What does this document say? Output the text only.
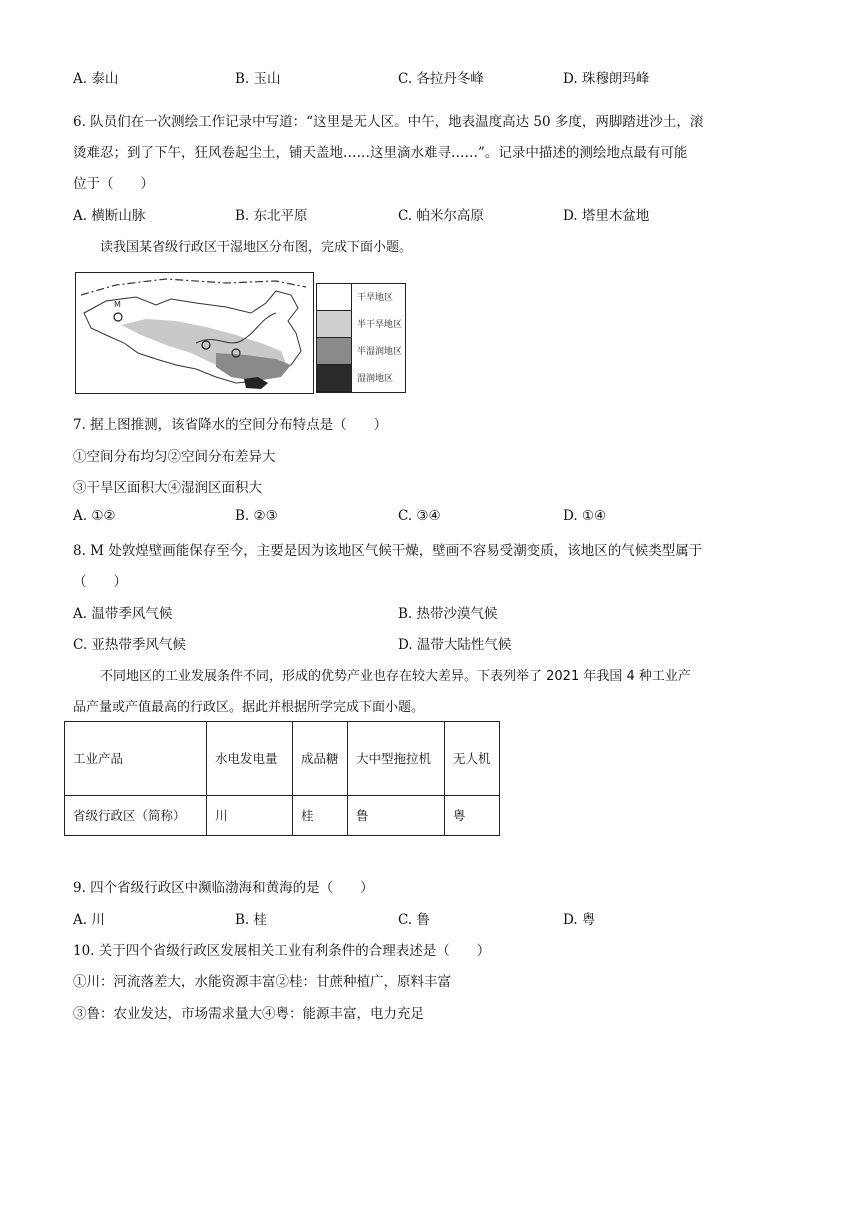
A. 泰山	B. 玉山	C. 各拉丹冬峰	D. 珠穆朗玛峰
6. 队员们在一次测绘工作记录中写道：“这里是无人区。中午，地表温度高达 50 多度，两脚踏进沙土，滚
烫难忍；到了下午，狂风卷起尘土，铺天盖地……这里滴水难寻……”。记录中描述的测绘地点最有可能
位于（　　）
A. 横断山脉	B. 东北平原	C. 帕米尔高原	D. 塔里木盆地
读我国某省级行政区干湿地区分布图，完成下面小题。
M
干旱地区
半干旱地区
半湿润地区
湿润地区
7. 据上图推测，该省降水的空间分布特点是（　　）
①空间分布均匀②空间分布差异大
③干旱区面积大④湿润区面积大
A. ①②	B. ②③	C. ③④	D. ①④
8. M 处敦煌壁画能保存至今，主要是因为该地区气候干燥，壁画不容易受潮变质，该地区的气候类型属于
（　　）
A. 温带季风气候	B. 热带沙漠气候
C. 亚热带季风气候	D. 温带大陆性气候
不同地区的工业发展条件不同，形成的优势产业也存在较大差异。下表列举了 2021 年我国 4 种工业产
品产量或产值最高的行政区。据此并根据所学完成下面小题。
工业产品	水电发电量	成品糖	大中型拖拉机	无人机
省级行政区（简称）	川	桂	鲁	粤
9. 四个省级行政区中濒临渤海和黄海的是（　　）
A. 川	B. 桂	C. 鲁	D. 粤
10. 关于四个省级行政区发展相关工业有利条件的合理表述是（　　）
①川：河流落差大，水能资源丰富②桂：甘蔗种植广，原料丰富
③鲁：农业发达，市场需求量大④粤：能源丰富，电力充足
